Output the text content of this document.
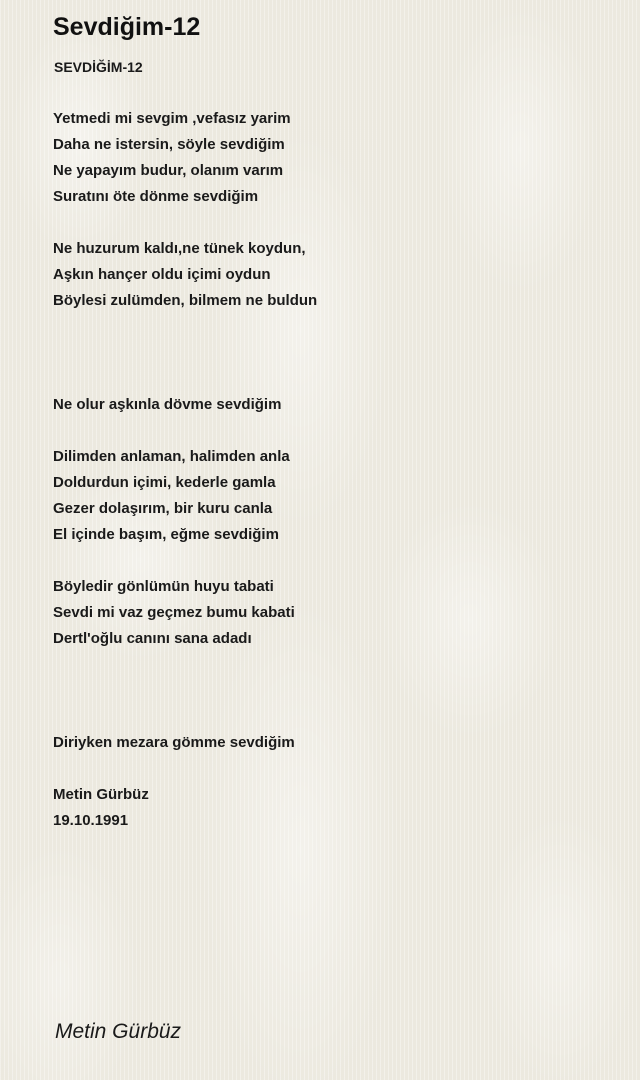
Sevdiğim-12
SEVDİĞİM-12
Yetmedi mi sevgim ,vefasız yarim
Daha ne istersin, söyle sevdiğim
Ne yapayım budur, olanım varım
Suratını öte dönme sevdiğim
Ne huzurum kaldı,ne tünek koydun,
Aşkın hançer oldu içimi oydun
Böylesi zulümden, bilmem ne buldun
Ne olur aşkınla dövme sevdiğim
Dilimden anlaman, halimden anla
Doldurdun içimi, kederle gamla
Gezer dolaşırım, bir kuru canla
El içinde başım, eğme sevdiğim
Böyledir gönlümün huyu tabati
Sevdi mi vaz geçmez bumu kabati
Dertl'oğlu canını sana adadı
Diriyken mezara gömme sevdiğim
Metin Gürbüz
19.10.1991
Metin Gürbüz
